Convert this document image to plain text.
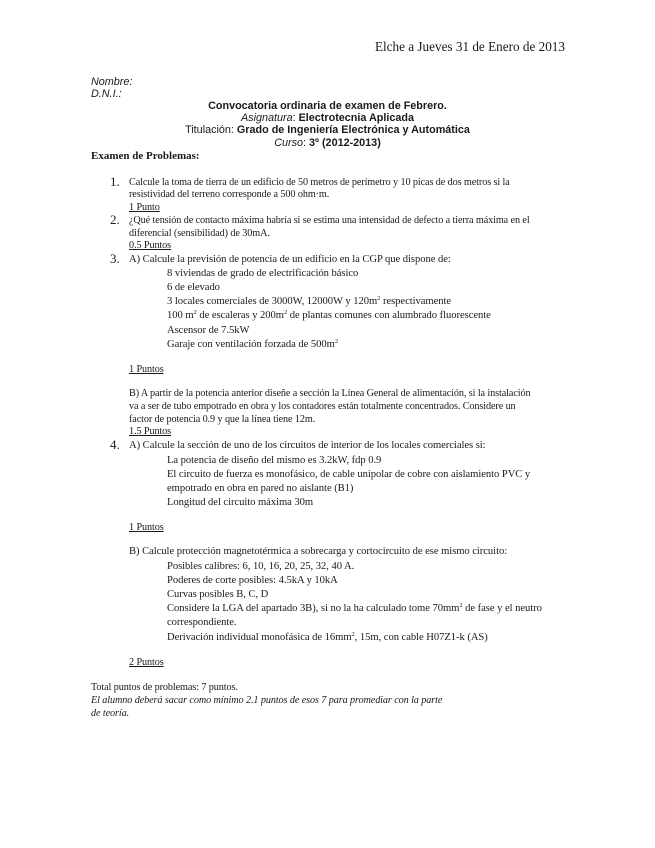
Elche a Jueves 31 de Enero de 2013
Nombre:
D.N.I.:
Convocatoria ordinaria de examen de Febrero.
Asignatura: Electrotecnia Aplicada
Titulación: Grado de Ingeniería Electrónica y Automática
Curso: 3º (2012-2013)
Examen de Problemas:
1. Calcule la toma de tierra de un edificio de 50 metros de perímetro y 10 picas de dos metros si la
resistividad del terreno corresponde a 500 ohm·m.
1 Punto
2. ¿Qué tensión de contacto máxima habría si se estima una intensidad de defecto a tierra máxima en el
diferencial (sensibilidad) de 30mA.
0.5 Puntos
3. A) Calcule la previsión de potencia de un edificio en la CGP que dispone de:
8 viviendas de grado de electrificación básico
6 de elevado
3 locales comerciales de 3000W, 12000W y $120m^2$ respectivamente
100 $m^2$ de escaleras y $200m^2$ de plantas comunes con alumbrado fluorescente
Ascensor de 7.5kW
Garaje con ventilación forzada de $500m^2$
1 Puntos
B) A partir de la potencia anterior diseñe a sección la Línea General de alimentación, si la instalación
va a ser de tubo empotrado en obra y los contadores están totalmente concentrados. Considere un
factor de potencia 0.9 y que la línea tiene 12m.
1.5 Puntos
4. A) Calcule la sección de uno de los circuitos de interior de los locales comerciales si:
La potencia de diseño del mismo es 3.2kW, fdp 0.9
El circuito de fuerza es monofásico, de cable unipolar de cobre con aislamiento PVC y
empotrado en obra en pared no aislante (B1)
Longitud del circuito máxima 30m
1 Puntos
B) Calcule protección magnetotérmica a sobrecarga y cortocircuito de ese mismo circuito:
Posibles calibres: 6, 10, 16, 20, 25, 32, 40 A.
Poderes de corte posibles: 4.5kA y 10kA
Curvas posibles B, C, D
Considere la LGA del apartado 3B), si no la ha calculado tome $70mm^2$ de fase y el neutro
correspondiente.
Derivación individual monofásica de $16mm^2$, 15m, con cable H07Z1-k (AS)
2 Puntos
Total puntos de problemas: 7 puntos.
El alumno deberá sacar como mínimo 2.1 puntos de esos 7 para promediar con la parte
de teoría.
